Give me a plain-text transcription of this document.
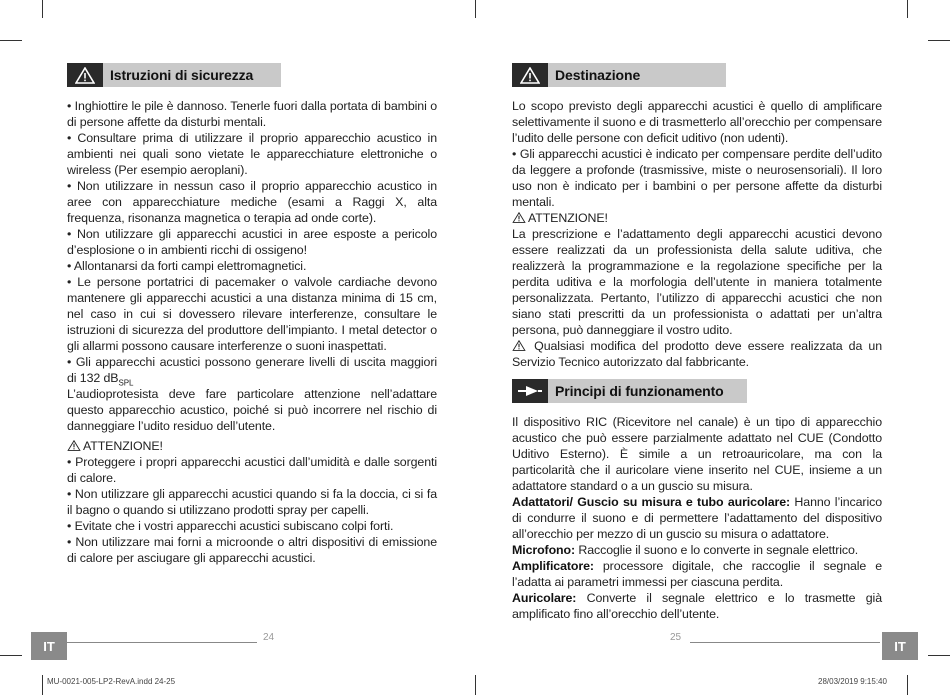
Istruzioni di sicurezza

• Inghiottire le pile è dannoso. Tenerle fuori dalla portata di bambini o di persone affette da disturbi mentali.

• Consultare prima di utilizzare il proprio apparecchio acustico in ambienti nei quali sono vietate le apparecchiature elettroniche o wireless (Per esempio aeroplani).

• Non utilizzare in nessun caso il proprio apparecchio acustico in aree con apparecchiature mediche (esami a Raggi X, alta frequenza, risonanza magnetica o terapia ad onde corte).

• Non utilizzare gli apparecchi acustici in aree esposte a pericolo d’esplosione o in ambienti ricchi di ossigeno!

• Allontanarsi da forti campi elettromagnetici.

• Le persone portatrici di pacemaker o valvole cardiache devono mantenere gli apparecchi acustici a una distanza minima di 15 cm, nel caso in cui si dovessero rilevare interferenze, consultare le istruzioni di sicurezza del produttore dell’impianto. I metal detector o gli allarmi possono causare interferenze o suoni inaspettati.

• Gli apparecchi acustici possono generare livelli di uscita maggiori di 132 $dB_{SPL}$

L’audioprotesista deve fare particolare attenzione nell’adattare questo apparecchio acustico, poiché si può incorrere nel rischio di danneggiare l’udito residuo dell’utente.

ATTENZIONE!

• Proteggere i propri apparecchi acustici dall’umidità e dalle sorgenti di calore.

• Non utilizzare gli apparecchi acustici quando si fa la doccia, ci si fa il bagno o quando si utilizzano prodotti spray per capelli.

• Evitate che i vostri apparecchi acustici subiscano colpi forti.

• Non utilizzare mai forni a microonde o altri dispositivi di emissione di calore per asciugare gli apparecchi acustici.

Destinazione

Lo scopo previsto degli apparecchi acustici è quello di amplificare selettivamente il suono e di trasmetterlo all’orecchio per compensare l’udito delle persone con deficit uditivo (non udenti).

• Gli apparecchi acustici è indicato per compensare perdite dell’udito da leggere a profonde (trasmissive, miste o neurosensoriali). Il loro uso non è indicato per i bambini o per persone affette da disturbi mentali.

ATTENZIONE!

La prescrizione e l’adattamento degli apparecchi acustici devono essere realizzati da un professionista della salute uditiva, che realizzerà la programmazione e la regolazione specifiche per la perdita uditiva e la morfologia dell’utente in maniera totalmente personalizzata. Pertanto, l’utilizzo di apparecchi acustici che non siano stati prescritti da un professionista o adattati per un’altra persona, può danneggiare il vostro udito.

Qualsiasi modifica del prodotto deve essere realizzata da un Servizio Tecnico autorizzato dal fabbricante.

Principi di funzionamento

Il dispositivo RIC (Ricevitore nel canale) è un tipo di apparecchio acustico che può essere parzialmente adattato nel CUE (Condotto Uditivo Esterno). È simile a un retroauricolare, ma con la particolarità che il auricolare viene inserito nel CUE, insieme a un adattatore standard o a un guscio su misura.

Adattatori/ Guscio su misura e tubo auricolare: Hanno l’incarico di condurre il suono e di permettere l’adattamento del dispositivo all’orecchio per mezzo di un guscio su misura o adattatore.

Microfono: Raccoglie il suono e lo converte in segnale elettrico.

Amplificatore: processore digitale, che raccoglie il segnale e l’adatta ai parametri immessi per ciascuna perdita.

Auricolare: Converte il segnale elettrico e lo trasmette già amplificato fino all’orecchio dell’utente.

IT
24	25
IT
MU-0021-005-LP2-RevA.indd 24-25	28/03/2019 9:15:40
